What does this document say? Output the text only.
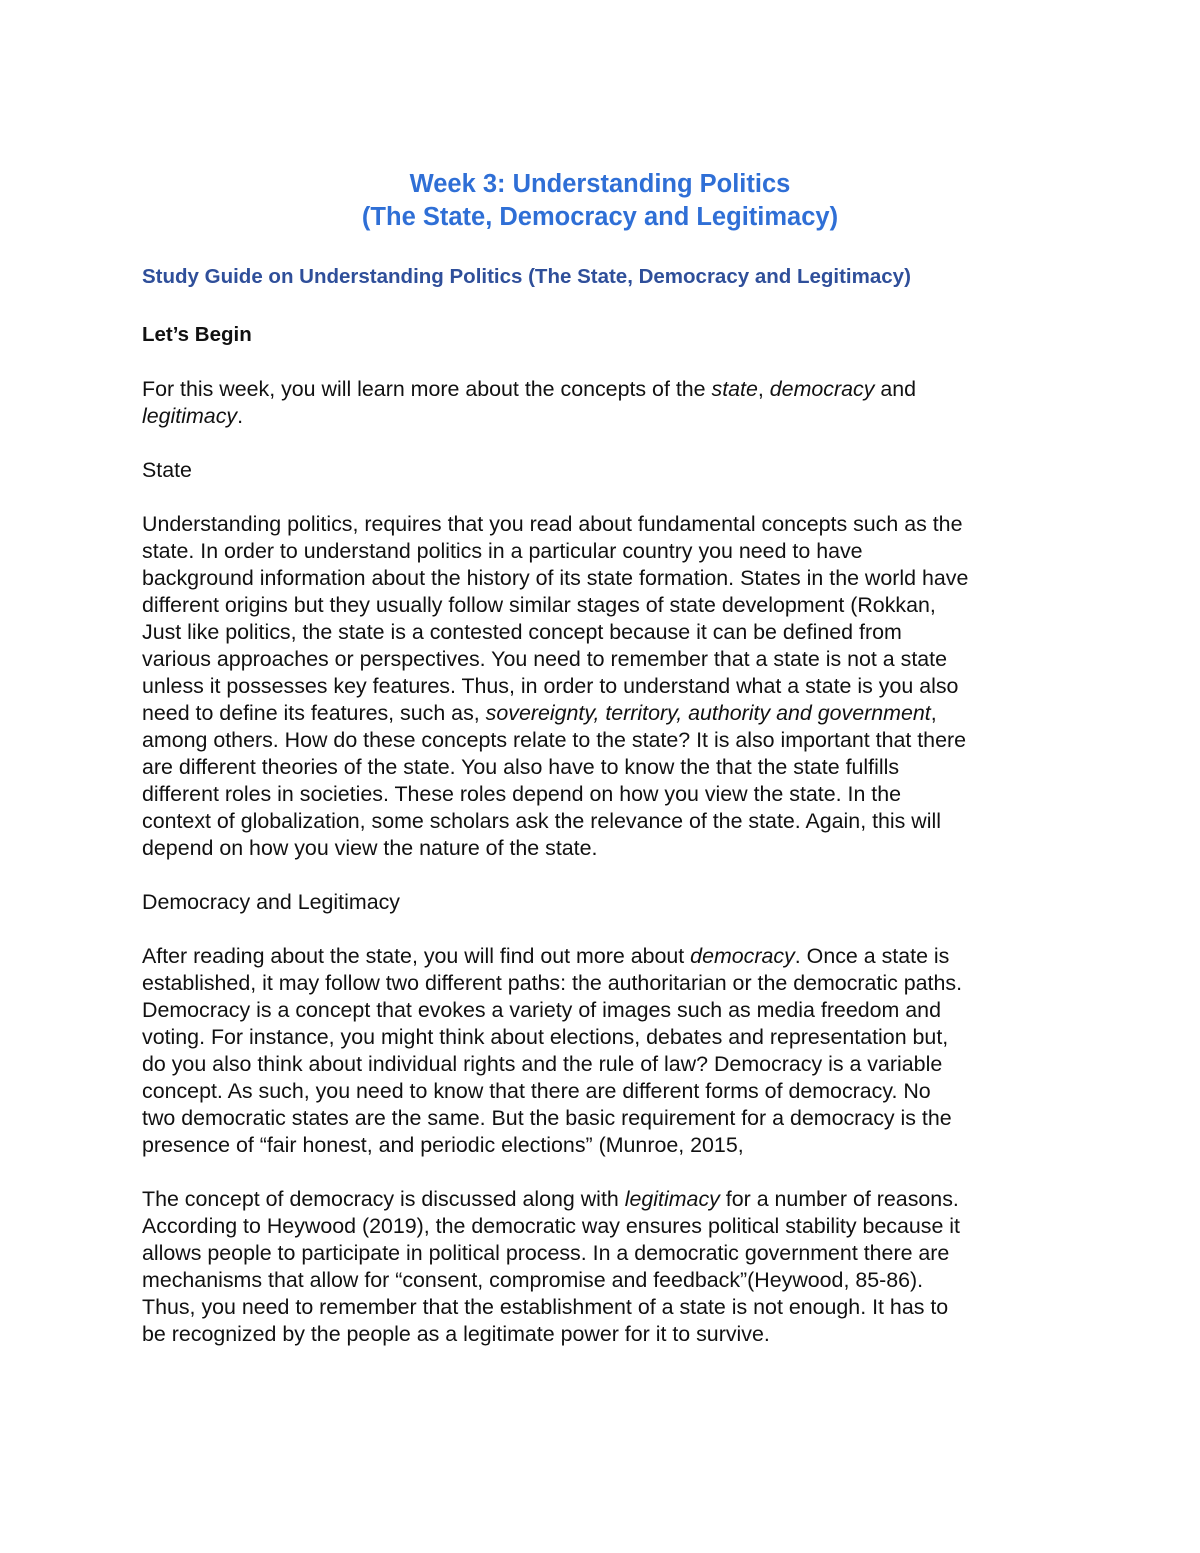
Week 3: Understanding Politics
(The State, Democracy and Legitimacy)
Study Guide on Understanding Politics (The State, Democracy and Legitimacy)
Let’s Begin
For this week, you will learn more about the concepts of the state, democracy and
legitimacy.
State
Understanding politics, requires that you read about fundamental concepts such as the
state. In order to understand politics in a particular country you need to have
background information about the history of its state formation. States in the world have
different origins but they usually follow similar stages of state development (Rokkan,
Just like politics, the state is a contested concept because it can be defined from
various approaches or perspectives. You need to remember that a state is not a state
unless it possesses key features. Thus, in order to understand what a state is you also
need to define its features, such as, sovereignty, territory, authority and government,
among others. How do these concepts relate to the state? It is also important that there
are different theories of the state. You also have to know the that the state fulfills
different roles in societies. These roles depend on how you view the state. In the
context of globalization, some scholars ask the relevance of the state. Again, this will
depend on how you view the nature of the state.
Democracy and Legitimacy
After reading about the state, you will find out more about democracy. Once a state is
established, it may follow two different paths: the authoritarian or the democratic paths.
Democracy is a concept that evokes a variety of images such as media freedom and
voting. For instance, you might think about elections, debates and representation but,
do you also think about individual rights and the rule of law? Democracy is a variable
concept. As such, you need to know that there are different forms of democracy. No
two democratic states are the same. But the basic requirement for a democracy is the
presence of “fair honest, and periodic elections” (Munroe, 2015,
The concept of democracy is discussed along with legitimacy for a number of reasons.
According to Heywood (2019), the democratic way ensures political stability because it
allows people to participate in political process. In a democratic government there are
mechanisms that allow for “consent, compromise and feedback”(Heywood, 85-86).
Thus, you need to remember that the establishment of a state is not enough. It has to
be recognized by the people as a legitimate power for it to survive.
